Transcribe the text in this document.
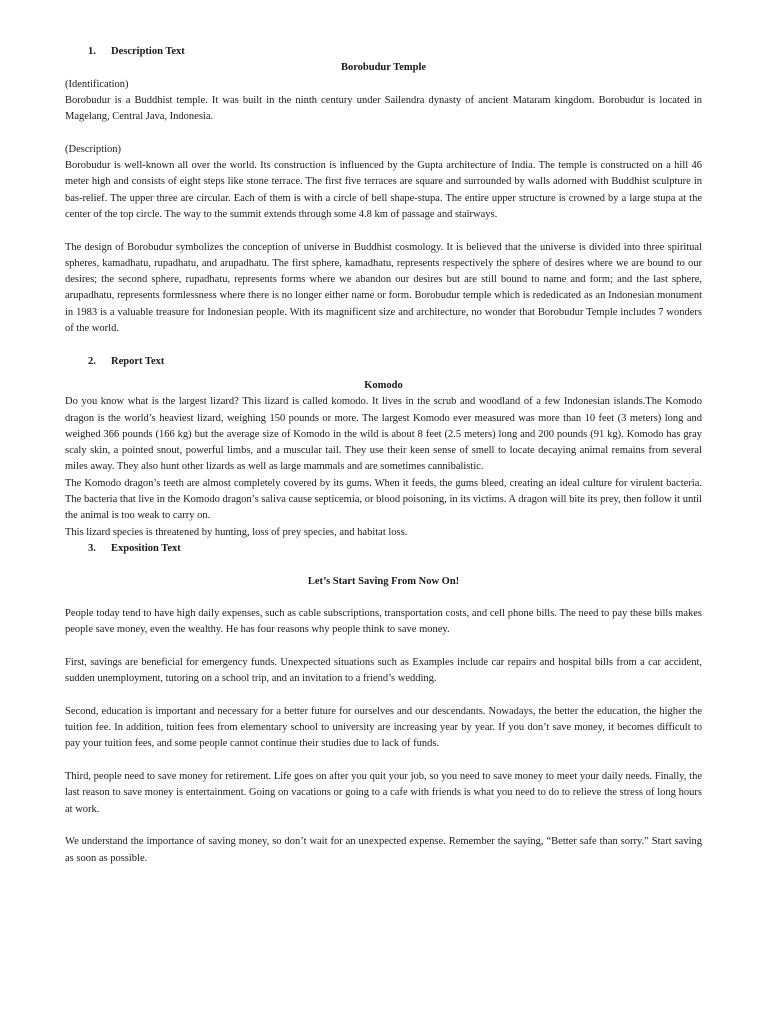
1.	Description Text
Borobudur Temple

(Identification)

Borobudur is a Buddhist temple. It was built in the ninth century under Sailendra dynasty of ancient Mataram kingdom. Borobudur is located in Magelang, Central Java, Indonesia.

(Description)

Borobudur is well-known all over the world. Its construction is influenced by the Gupta architecture of India. The temple is constructed on a hill 46 meter high and consists of eight steps like stone terrace. The first five terraces are square and surrounded by walls adorned with Buddhist sculpture in bas-relief. The upper three are circular. Each of them is with a circle of bell shape-stupa. The entire upper structure is crowned by a large stupa at the center of the top circle. The way to the summit extends through some 4.8 km of passage and stairways.

The design of Borobudur symbolizes the conception of universe in Buddhist cosmology. It is believed that the universe is divided into three spiritual spheres, kamadhatu, rupadhatu, and arupadhatu. The first sphere, kamadhatu, represents respectively the sphere of desires where we are bound to our desires; the second sphere, rupadhatu, represents forms where we abandon our desires but are still bound to name and form; and the last sphere, arupadhatu, represents formlessness where there is no longer either name or form. Borobudur temple which is rededicated as an Indonesian monument in 1983 is a valuable treasure for Indonesian people. With its magnificent size and architecture, no wonder that Borobudur Temple includes 7 wonders of the world.

2.	Report Text
Komodo

Do you know what is the largest lizard? This lizard is called komodo. It lives in the scrub and woodland of a few Indonesian islands.The Komodo dragon is the world’s heaviest lizard, weighing 150 pounds or more. The largest Komodo ever measured was more than 10 feet (3 meters) long and weighed 366 pounds (166 kg) but the average size of Komodo in the wild is about 8 feet (2.5 meters) long and 200 pounds (91 kg). Komodo has gray scaly skin, a pointed snout, powerful limbs, and a muscular tail. They use their keen sense of smell to locate decaying animal remains from several miles away. They also hunt other lizards as well as large mammals and are sometimes cannibalistic.

The Komodo dragon’s teeth are almost completely covered by its gums. When it feeds, the gums bleed, creating an ideal culture for virulent bacteria. The bacteria that live in the Komodo dragon’s saliva cause septicemia, or blood poisoning, in its victims. A dragon will bite its prey, then follow it until the animal is too weak to carry on.

This lizard species is threatened by hunting, loss of prey species, and habitat loss.

3.	Exposition Text
Let’s Start Saving From Now On!

People today tend to have high daily expenses, such as cable subscriptions, transportation costs, and cell phone bills. The need to pay these bills makes people save money, even the wealthy. He has four reasons why people think to save money.

First, savings are beneficial for emergency funds. Unexpected situations such as Examples include car repairs and hospital bills from a car accident, sudden unemployment, tutoring on a school trip, and an invitation to a friend’s wedding.

Second, education is important and necessary for a better future for ourselves and our descendants. Nowadays, the better the education, the higher the tuition fee. In addition, tuition fees from elementary school to university are increasing year by year. If you don’t save money, it becomes difficult to pay your tuition fees, and some people cannot continue their studies due to lack of funds.

Third, people need to save money for retirement. Life goes on after you quit your job, so you need to save money to meet your daily needs. Finally, the last reason to save money is entertainment. Going on vacations or going to a cafe with friends is what you need to do to relieve the stress of long hours at work.

We understand the importance of saving money, so don’t wait for an unexpected expense. Remember the saying, “Better safe than sorry.” Start saving as soon as possible.
